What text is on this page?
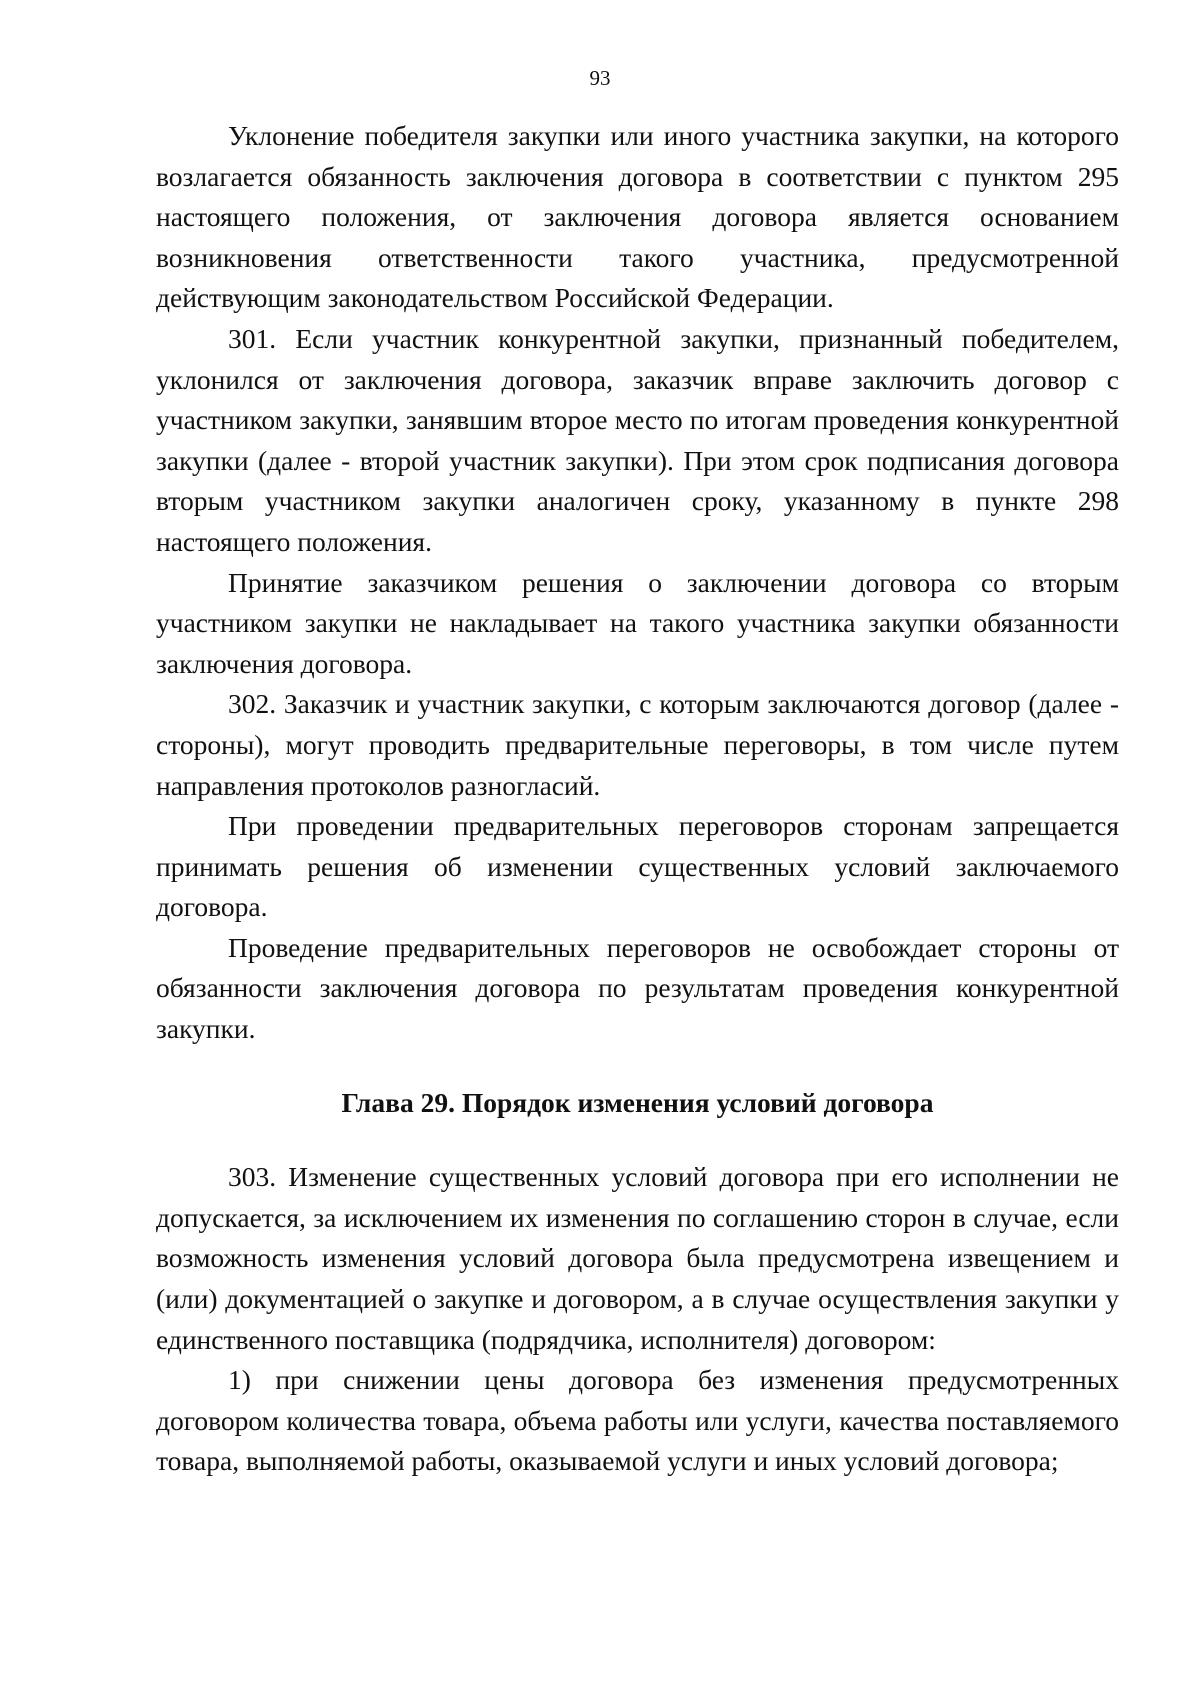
93

Уклонение победителя закупки или иного участника закупки, на которого возлагается обязанность заключения договора в соответствии с пунктом 295 настоящего положения, от заключения договора является основанием возникновения ответственности такого участника, предусмотренной действующим законодательством Российской Федерации.

301. Если участник конкурентной закупки, признанный победителем, уклонился от заключения договора, заказчик вправе заключить договор с участником закупки, занявшим второе место по итогам проведения конкурентной закупки (далее - второй участник закупки). При этом срок подписания договора вторым участником закупки аналогичен сроку, указанному в пункте 298 настоящего положения.

Принятие заказчиком решения о заключении договора со вторым участником закупки не накладывает на такого участника закупки обязанности заключения договора.

302. Заказчик и участник закупки, с которым заключаются договор (далее - стороны), могут проводить предварительные переговоры, в том числе путем направления протоколов разногласий.

При проведении предварительных переговоров сторонам запрещается принимать решения об изменении существенных условий заключаемого договора.

Проведение предварительных переговоров не освобождает стороны от обязанности заключения договора по результатам проведения конкурентной закупки.

Глава 29. Порядок изменения условий договора

303. Изменение существенных условий договора при его исполнении не допускается, за исключением их изменения по соглашению сторон в случае, если возможность изменения условий договора была предусмотрена извещением и (или) документацией о закупке и договором, а в случае осуществления закупки у единственного поставщика (подрядчика, исполнителя) договором:

1) при снижении цены договора без изменения предусмотренных договором количества товара, объема работы или услуги, качества поставляемого товара, выполняемой работы, оказываемой услуги и иных условий договора;
